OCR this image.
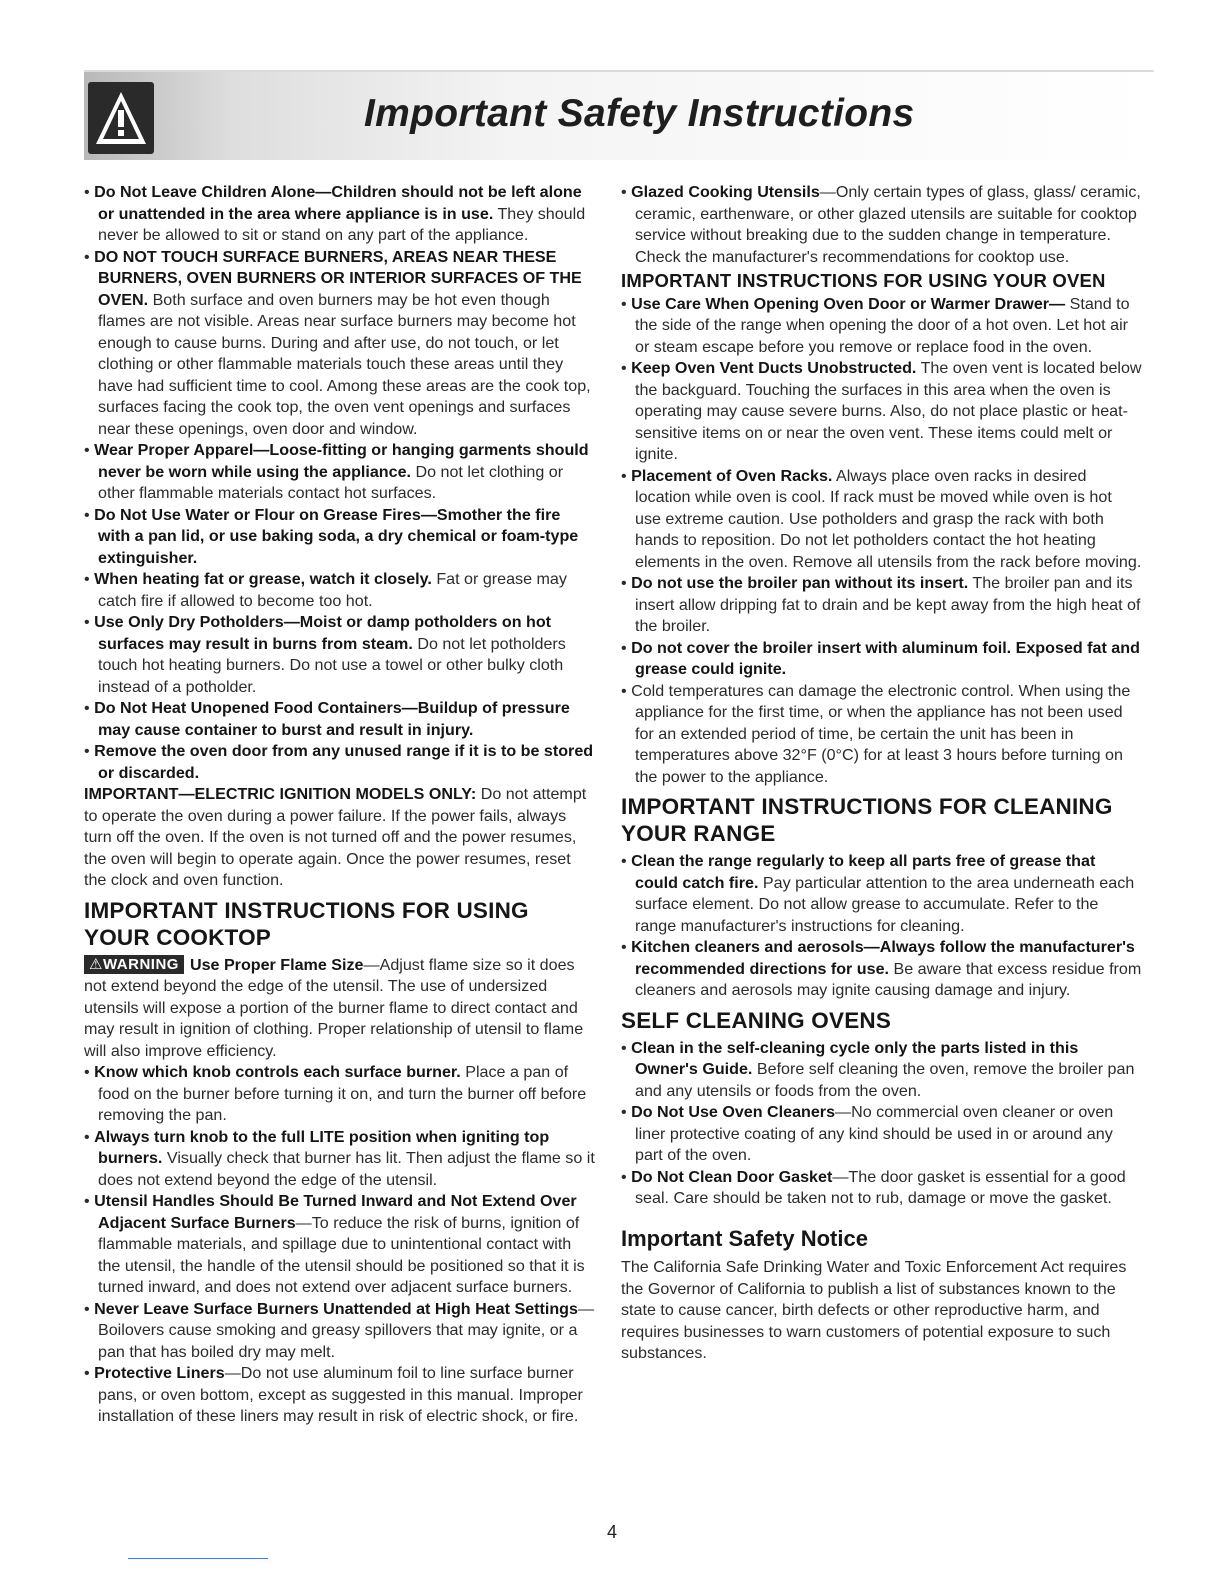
Important Safety Instructions

• Do Not Leave Children Alone—Children should not be left alone or unattended in the area where appliance is in use. They should never be allowed to sit or stand on any part of the appliance.

• DO NOT TOUCH SURFACE BURNERS, AREAS NEAR THESE BURNERS, OVEN BURNERS OR INTERIOR SURFACES OF THE OVEN. Both surface and oven burners may be hot even though flames are not visible. Areas near surface burners may become hot enough to cause burns. During and after use, do not touch, or let clothing or other flammable materials touch these areas until they have had sufficient time to cool. Among these areas are the cook top, surfaces facing the cook top, the oven vent openings and surfaces near these openings, oven door and window.

• Wear Proper Apparel—Loose-fitting or hanging garments should never be worn while using the appliance. Do not let clothing or other flammable materials contact hot surfaces.

• Do Not Use Water or Flour on Grease Fires—Smother the fire with a pan lid, or use baking soda, a dry chemical or foam-type extinguisher.

• When heating fat or grease, watch it closely. Fat or grease may catch fire if allowed to become too hot.

• Use Only Dry Potholders—Moist or damp potholders on hot surfaces may result in burns from steam. Do not let potholders touch hot heating burners. Do not use a towel or other bulky cloth instead of a potholder.

• Do Not Heat Unopened Food Containers—Buildup of pressure may cause container to burst and result in injury.

• Remove the oven door from any unused range if it is to be stored or discarded.

IMPORTANT—ELECTRIC IGNITION MODELS ONLY: Do not attempt to operate the oven during a power failure. If the power fails, always turn off the oven. If the oven is not turned off and the power resumes, the oven will begin to operate again. Once the power resumes, reset the clock and oven function.

IMPORTANT INSTRUCTIONS FOR USING YOUR COOKTOP

⚠WARNING Use Proper Flame Size—Adjust flame size so it does not extend beyond the edge of the utensil. The use of undersized utensils will expose a portion of the burner flame to direct contact and may result in ignition of clothing. Proper relationship of utensil to flame will also improve efficiency.

• Know which knob controls each surface burner. Place a pan of food on the burner before turning it on, and turn the burner off before removing the pan.

• Always turn knob to the full LITE position when igniting top burners. Visually check that burner has lit. Then adjust the flame so it does not extend beyond the edge of the utensil.

• Utensil Handles Should Be Turned Inward and Not Extend Over Adjacent Surface Burners—To reduce the risk of burns, ignition of flammable materials, and spillage due to unintentional contact with the utensil, the handle of the utensil should be positioned so that it is turned inward, and does not extend over adjacent surface burners.

• Never Leave Surface Burners Unattended at High Heat Settings—Boilovers cause smoking and greasy spillovers that may ignite, or a pan that has boiled dry may melt.

• Protective Liners—Do not use aluminum foil to line surface burner pans, or oven bottom, except as suggested in this manual. Improper installation of these liners may result in risk of electric shock, or fire.

• Glazed Cooking Utensils—Only certain types of glass, glass/ ceramic, ceramic, earthenware, or other glazed utensils are suitable for cooktop service without breaking due to the sudden change in temperature. Check the manufacturer's recommendations for cooktop use.

IMPORTANT INSTRUCTIONS FOR USING YOUR OVEN

• Use Care When Opening Oven Door or Warmer Drawer— Stand to the side of the range when opening the door of a hot oven. Let hot air or steam escape before you remove or replace food in the oven.

• Keep Oven Vent Ducts Unobstructed. The oven vent is located below the backguard. Touching the surfaces in this area when the oven is operating may cause severe burns. Also, do not place plastic or heat-sensitive items on or near the oven vent. These items could melt or ignite.

• Placement of Oven Racks. Always place oven racks in desired location while oven is cool. If rack must be moved while oven is hot use extreme caution. Use potholders and grasp the rack with both hands to reposition. Do not let potholders contact the hot heating elements in the oven. Remove all utensils from the rack before moving.

• Do not use the broiler pan without its insert. The broiler pan and its insert allow dripping fat to drain and be kept away from the high heat of the broiler.

• Do not cover the broiler insert with aluminum foil. Exposed fat and grease could ignite.

• Cold temperatures can damage the electronic control. When using the appliance for the first time, or when the appliance has not been used for an extended period of time, be certain the unit has been in temperatures above 32°F (0°C) for at least 3 hours before turning on the power to the appliance.

IMPORTANT INSTRUCTIONS FOR CLEANING YOUR RANGE

• Clean the range regularly to keep all parts free of grease that could catch fire. Pay particular attention to the area underneath each surface element. Do not allow grease to accumulate. Refer to the range manufacturer's instructions for cleaning.

• Kitchen cleaners and aerosols—Always follow the manufacturer's recommended directions for use. Be aware that excess residue from cleaners and aerosols may ignite causing damage and injury.

SELF CLEANING OVENS

• Clean in the self-cleaning cycle only the parts listed in this Owner's Guide. Before self cleaning the oven, remove the broiler pan and any utensils or foods from the oven.

• Do Not Use Oven Cleaners—No commercial oven cleaner or oven liner protective coating of any kind should be used in or around any part of the oven.

• Do Not Clean Door Gasket—The door gasket is essential for a good seal. Care should be taken not to rub, damage or move the gasket.

Important Safety Notice

The California Safe Drinking Water and Toxic Enforcement Act requires the Governor of California to publish a list of substances known to the state to cause cancer, birth defects or other reproductive harm, and requires businesses to warn customers of potential exposure to such substances.

4
